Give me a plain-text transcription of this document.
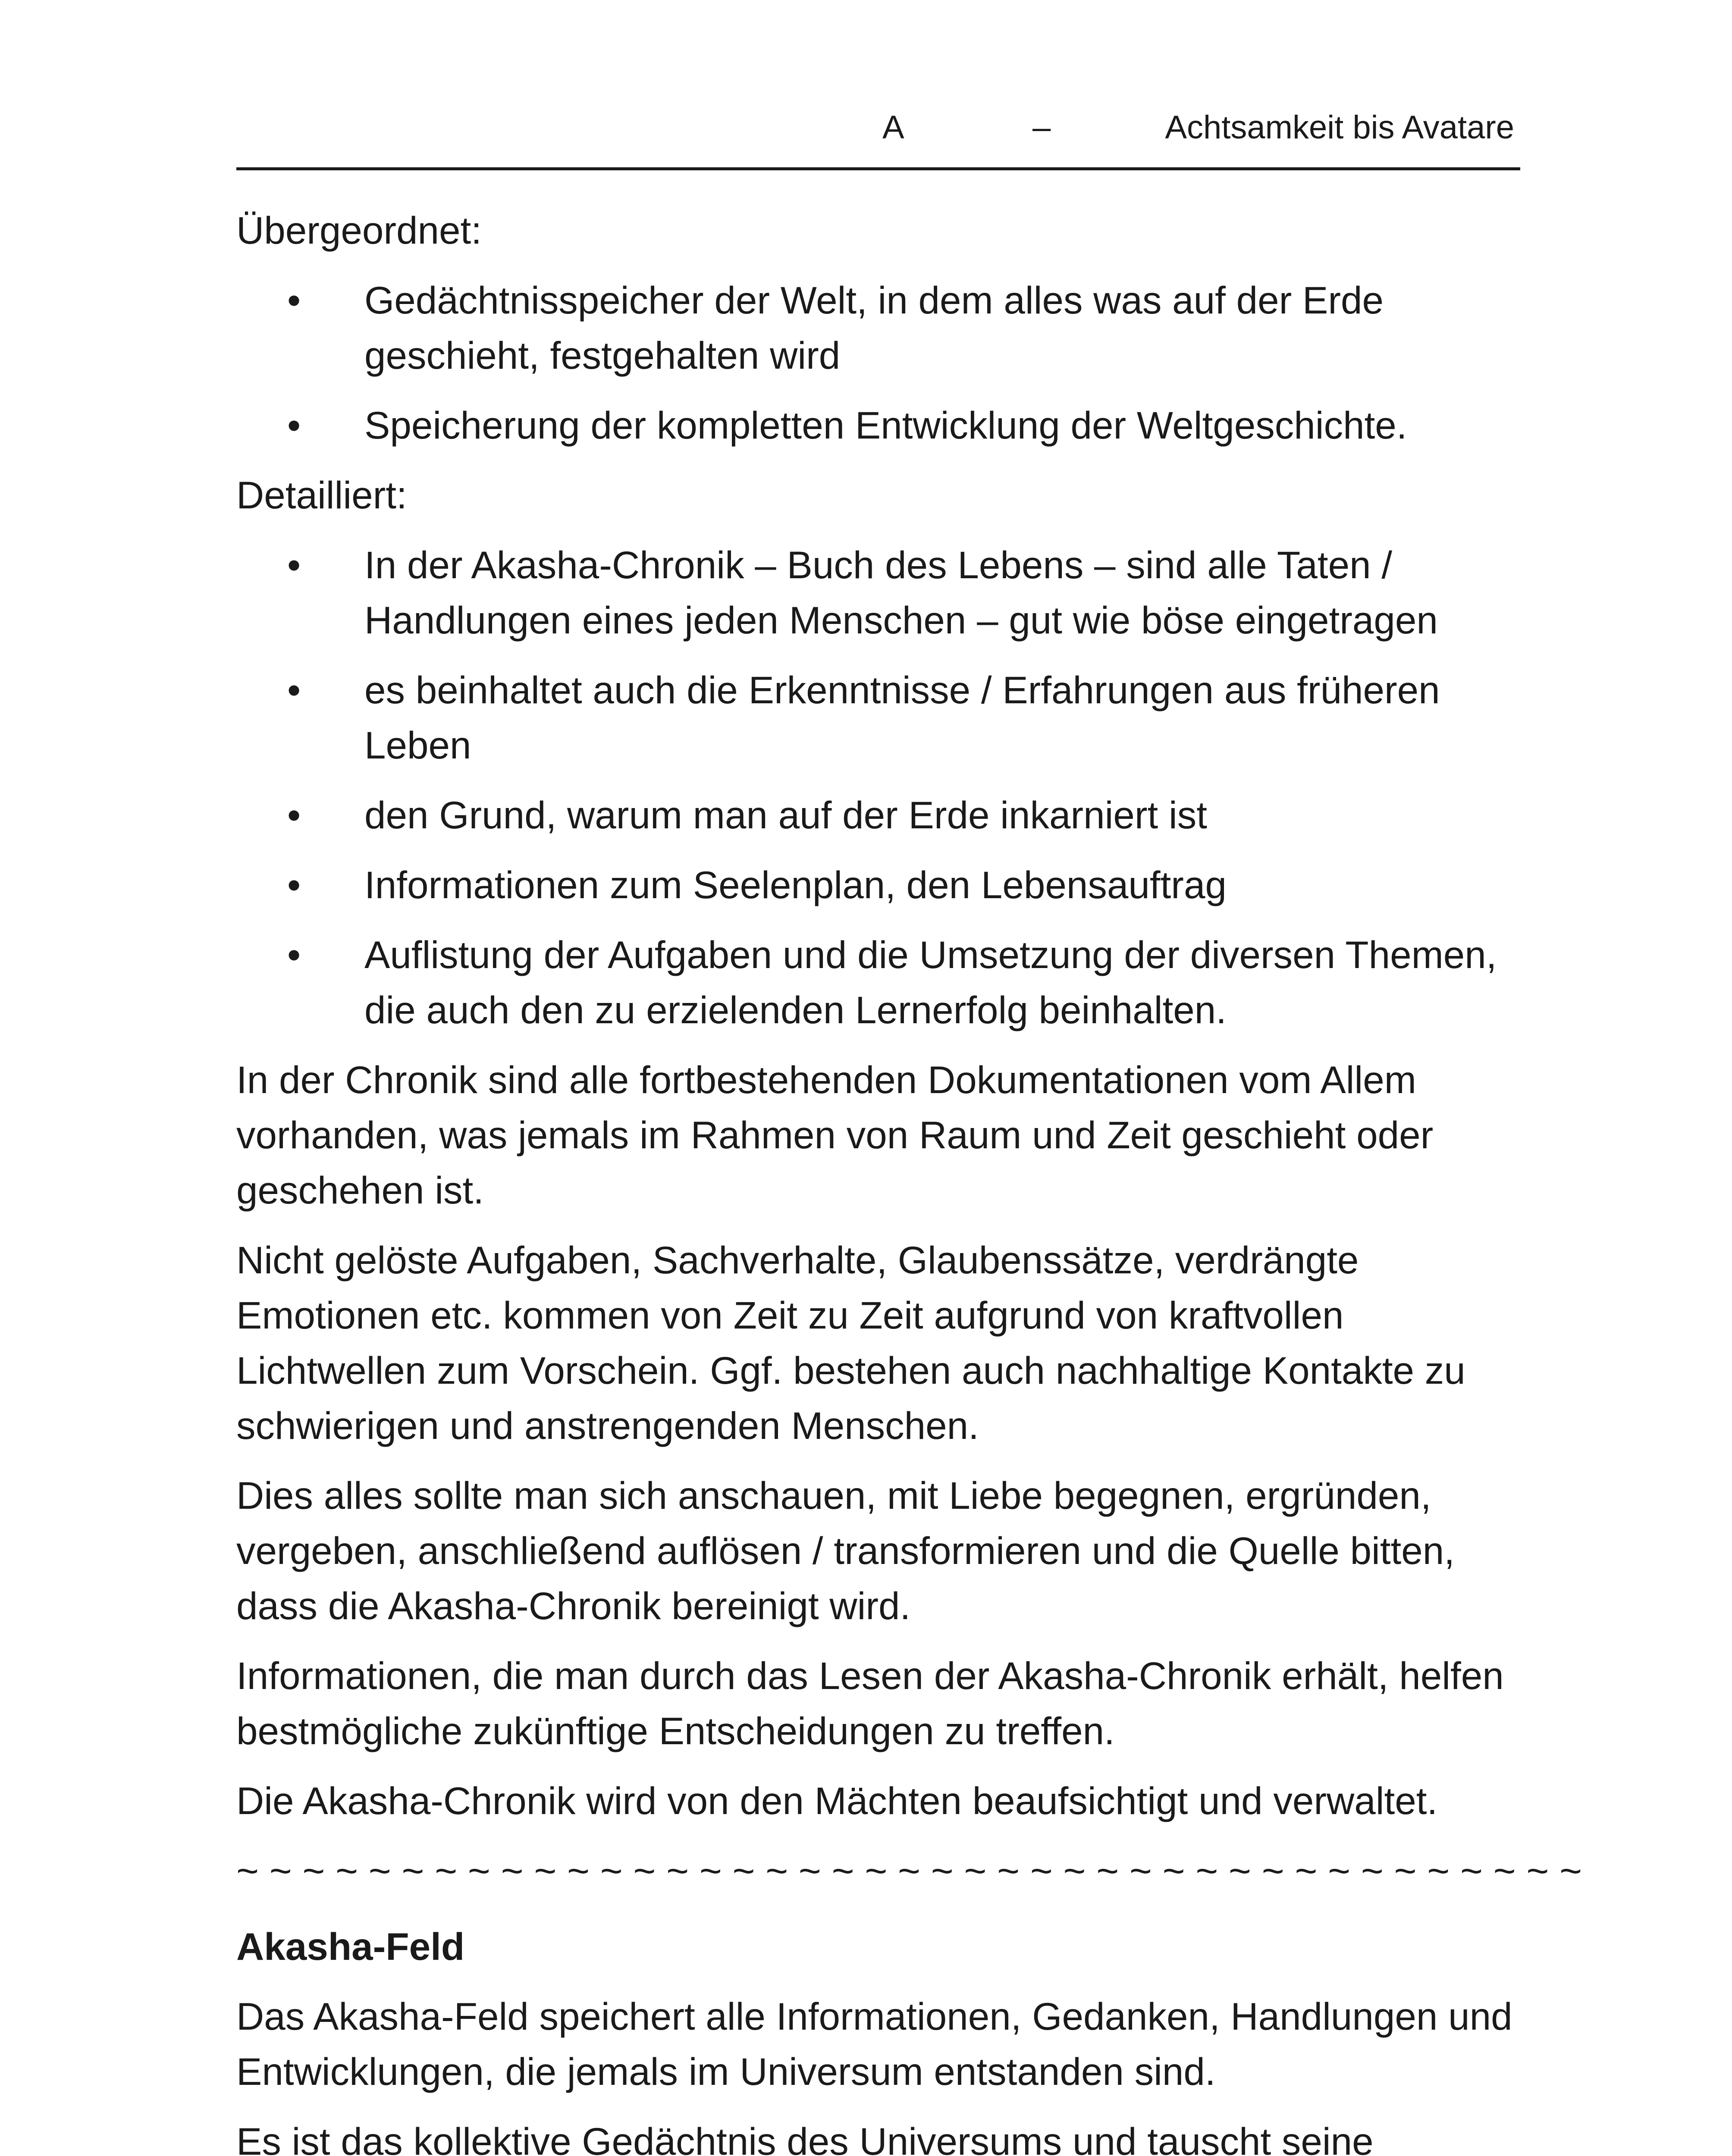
A	–	Achtsamkeit bis Avatare

Übergeordnet:

• Gedächtnisspeicher der Welt, in dem alles was auf der Erde geschieht, festgehalten wird
• Speicherung der kompletten Entwicklung der Weltgeschichte.

Detailliert:

• In der Akasha-Chronik – Buch des Lebens – sind alle Taten / Handlungen eines jeden Menschen – gut wie böse eingetragen
• es beinhaltet auch die Erkenntnisse / Erfahrungen aus früheren Leben
• den Grund, warum man auf der Erde inkarniert ist
• Informationen zum Seelenplan, den Lebensauftrag
• Auflistung der Aufgaben und die Umsetzung der diversen Themen, die auch den zu erzielenden Lernerfolg beinhalten.

In der Chronik sind alle fortbestehenden Dokumentationen vom Allem vorhanden, was jemals im Rahmen von Raum und Zeit geschieht oder geschehen ist.

Nicht gelöste Aufgaben, Sachverhalte, Glaubenssätze, verdrängte Emotionen etc. kommen von Zeit zu Zeit aufgrund von kraftvollen Lichtwellen zum Vorschein. Ggf. bestehen auch nachhaltige Kontakte zu schwierigen und anstrengenden Menschen.

Dies alles sollte man sich anschauen, mit Liebe begegnen, ergründen, vergeben, anschließend auflösen / transformieren und die Quelle bitten, dass die Akasha-Chronik bereinigt wird.

Informationen, die man durch das Lesen der Akasha-Chronik erhält, helfen bestmögliche zukünftige Entscheidungen zu treffen.

Die Akasha-Chronik wird von den Mächten beaufsichtigt und verwaltet.

~ ~ ~ ~ ~ ~ ~ ~ ~ ~ ~ ~ ~ ~ ~ ~ ~ ~ ~ ~ ~ ~ ~ ~ ~ ~ ~ ~ ~ ~ ~ ~ ~ ~ ~ ~ ~ ~ ~ ~ ~

Akasha-Feld

Das Akasha-Feld speichert alle Informationen, Gedanken, Handlungen und Entwicklungen, die jemals im Universum entstanden sind.

Es ist das kollektive Gedächtnis des Universums und tauscht seine
